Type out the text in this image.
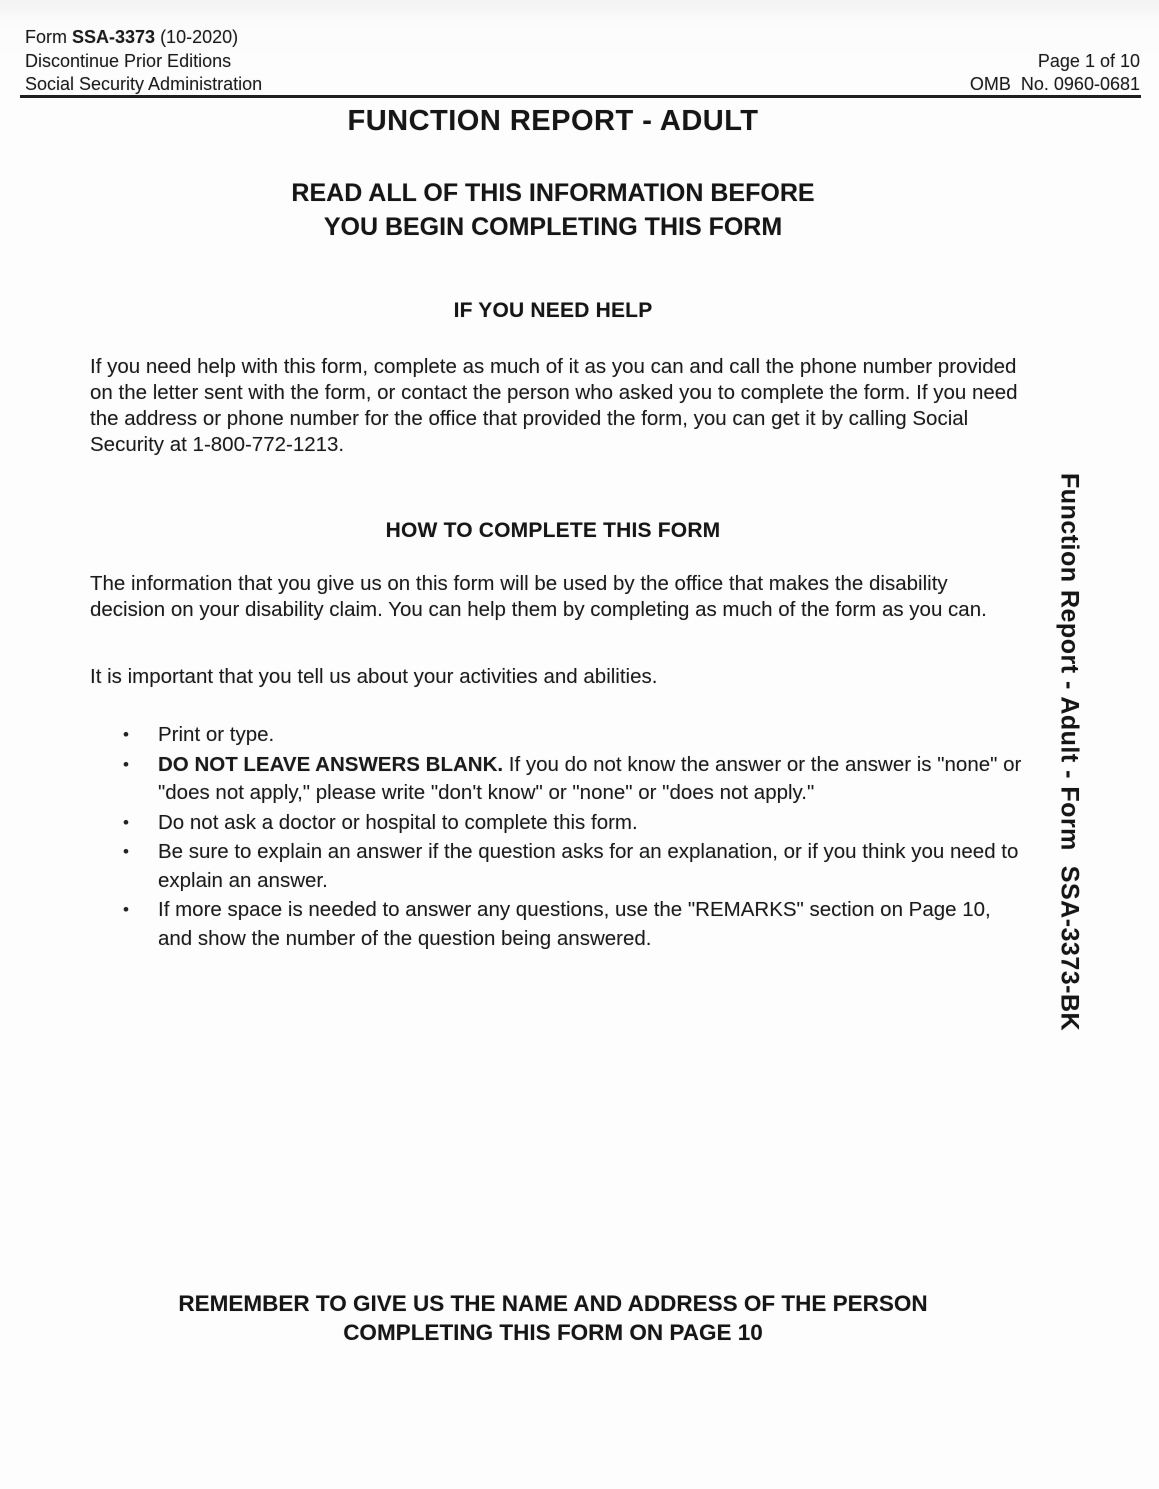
Form SSA-3373 (10-2020)
Discontinue Prior Editions
Social Security Administration
Page 1 of 10
OMB  No. 0960-0681
FUNCTION REPORT - ADULT
READ ALL OF THIS INFORMATION BEFORE
YOU BEGIN COMPLETING THIS FORM
IF YOU NEED HELP

If you need help with this form, complete as much of it as you can and call the phone number provided on the letter sent with the form, or contact the person who asked you to complete the form. If you need the address or phone number for the office that provided the form, you can get it by calling Social Security at 1-800-772-1213.

HOW TO COMPLETE THIS FORM

The information that you give us on this form will be used by the office that makes the disability decision on your disability claim. You can help them by completing as much of the form as you can.

It is important that you tell us about your activities and abilities.

• Print or type.
• DO NOT LEAVE ANSWERS BLANK. If you do not know the answer or the answer is "none" or "does not apply," please write "don't know" or "none" or "does not apply."
• Do not ask a doctor or hospital to complete this form.
• Be sure to explain an answer if the question asks for an explanation, or if you think you need to explain an answer.
• If more space is needed to answer any questions, use the "REMARKS" section on Page 10, and show the number of the question being answered.	Function Report - Adult - Form  SSA-3373-BK
REMEMBER TO GIVE US THE NAME AND ADDRESS OF THE PERSON
COMPLETING THIS FORM ON PAGE 10
